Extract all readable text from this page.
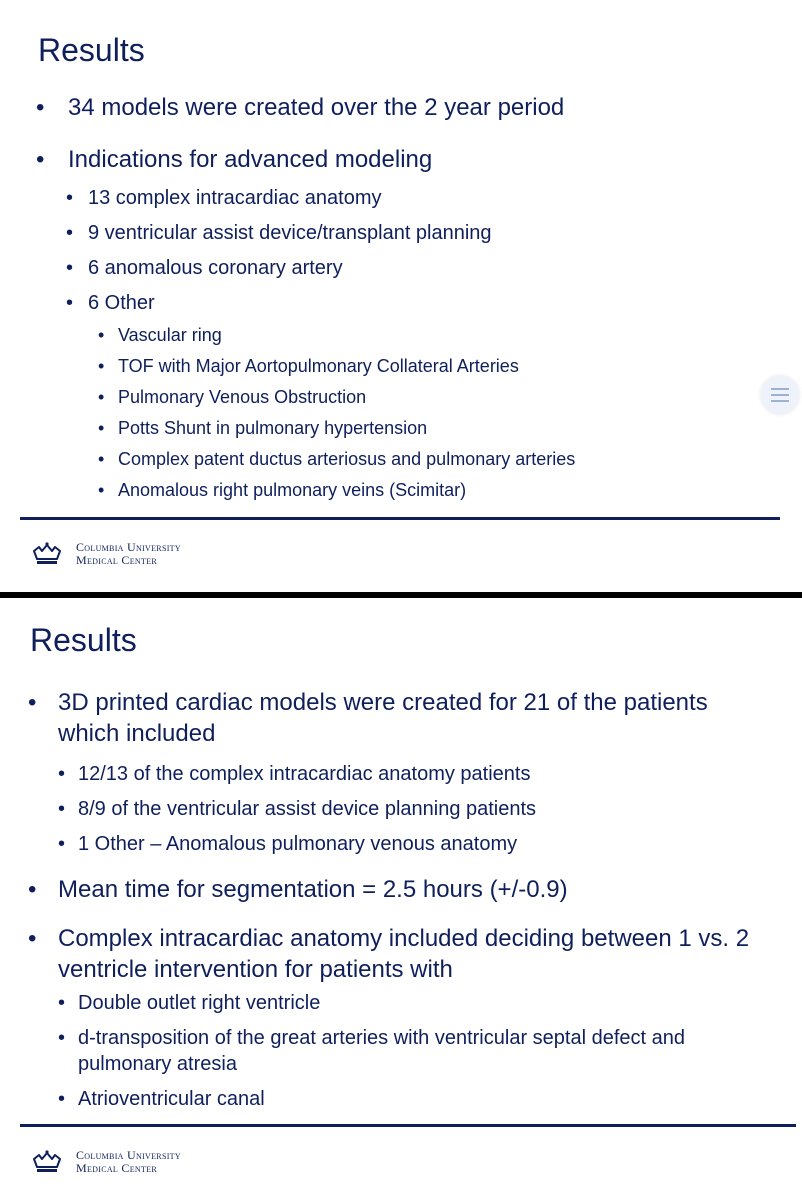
Results
• 34 models were created over the 2 year period
• Indications for advanced modeling
• 13 complex intracardiac anatomy
• 9 ventricular assist device/transplant planning
• 6 anomalous coronary artery
• 6 Other
• Vascular ring
• TOF with Major Aortopulmonary Collateral Arteries
• Pulmonary Venous Obstruction
• Potts Shunt in pulmonary hypertension
• Complex patent ductus arteriosus and pulmonary arteries
• Anomalous right pulmonary veins (Scimitar)
Columbia University
Medical Center
Results
• 3D printed cardiac models were created for 21 of the patients which included
• 12/13 of the complex intracardiac anatomy patients
• 8/9 of the ventricular assist device planning patients
• 1 Other – Anomalous pulmonary venous anatomy
• Mean time for segmentation = 2.5 hours (+/-0.9)
• Complex intracardiac anatomy included deciding between 1 vs. 2 ventricle intervention for patients with
• Double outlet right ventricle
• d-transposition of the great arteries with ventricular septal defect and pulmonary atresia
• Atrioventricular canal
Columbia University
Medical Center
